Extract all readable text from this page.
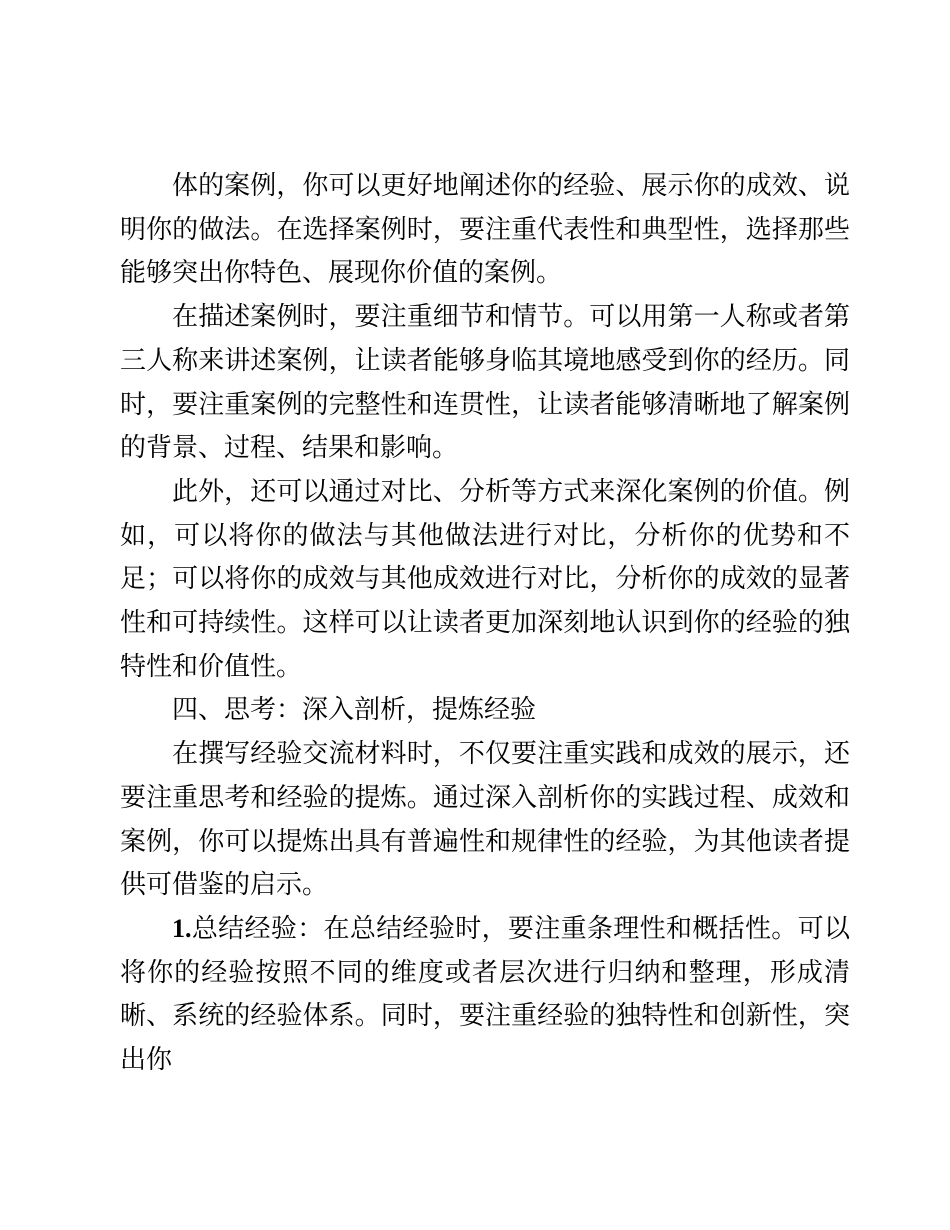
体的案例，你可以更好地阐述你的经验、展示你的成效、说明你的做法。在选择案例时，要注重代表性和典型性，选择那些能够突出你特色、展现你价值的案例。

在描述案例时，要注重细节和情节。可以用第一人称或者第三人称来讲述案例，让读者能够身临其境地感受到你的经历。同时，要注重案例的完整性和连贯性，让读者能够清晰地了解案例的背景、过程、结果和影响。

此外，还可以通过对比、分析等方式来深化案例的价值。例如，可以将你的做法与其他做法进行对比，分析你的优势和不足；可以将你的成效与其他成效进行对比，分析你的成效的显著性和可持续性。这样可以让读者更加深刻地认识到你的经验的独特性和价值性。

四、思考：深入剖析，提炼经验

在撰写经验交流材料时，不仅要注重实践和成效的展示，还要注重思考和经验的提炼。通过深入剖析你的实践过程、成效和案例，你可以提炼出具有普遍性和规律性的经验，为其他读者提供可借鉴的启示。

1.总结经验：在总结经验时，要注重条理性和概括性。可以将你的经验按照不同的维度或者层次进行归纳和整理，形成清晰、系统的经验体系。同时，要注重经验的独特性和创新性，突出你
